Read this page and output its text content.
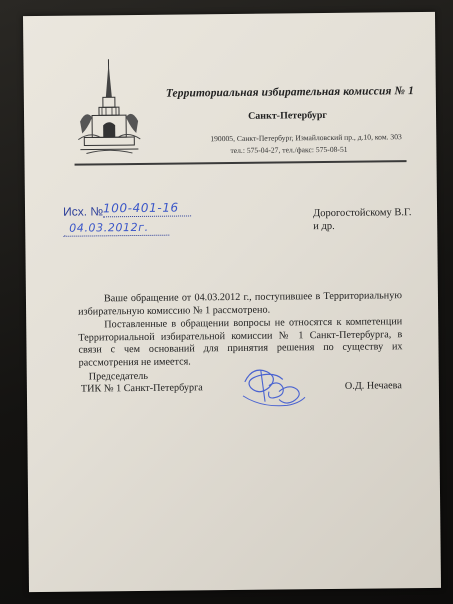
Территориальная избирательная комиссия № 1
Санкт-Петербург
190005, Санкт-Петербург, Измайловский пр., д.10, ком. 303
тел.: 575-04-27, тел./факс: 575-08-51
Исх. № 100-401-16
04.03.2012г.
Дорогостойскому В.Г.
и др.
Ваше обращение от 04.03.2012 г., поступившее в Территориальную избирательную комиссию № 1 рассмотрено.
Поставленные в обращении вопросы не относятся к компетенции Территориальной избирательной комиссии № 1 Санкт-Петербурга, в связи с чем оснований для принятия решения по существу их рассмотрения не имеется.
Председатель
ТИК № 1 Санкт-Петербурга	О.Д. Нечаева
